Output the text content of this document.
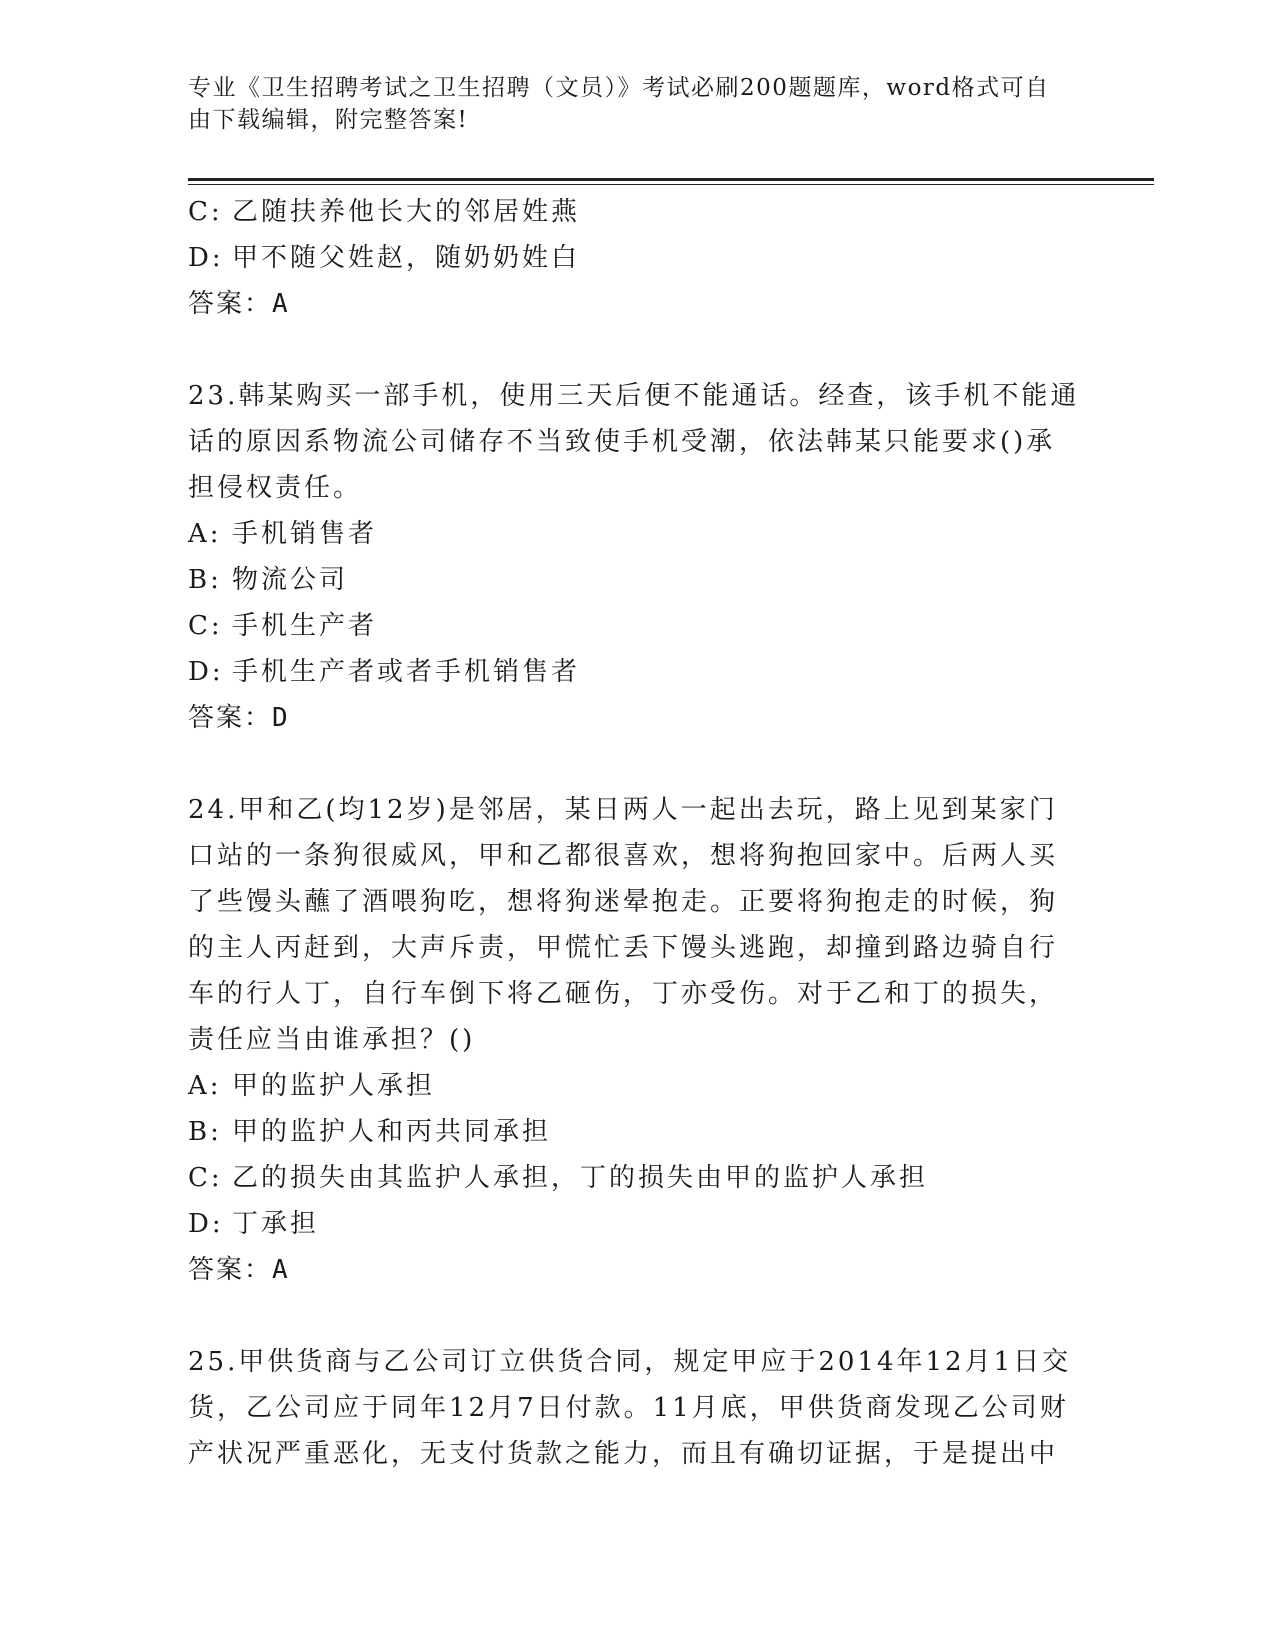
专业《卫生招聘考试之卫生招聘（文员）》考试必刷200题题库，word格式可自
由下载编辑，附完整答案!

C: 乙随扶养他长大的邻居姓燕

D: 甲不随父姓赵，随奶奶姓白

答案：A

23.韩某购买一部手机，使用三天后便不能通话。经查，该手机不能通

话的原因系物流公司储存不当致使手机受潮，依法韩某只能要求()承

担侵权责任。

A: 手机销售者

B: 物流公司

C: 手机生产者

D: 手机生产者或者手机销售者

答案：D

24.甲和乙(均12岁)是邻居，某日两人一起出去玩，路上见到某家门

口站的一条狗很威风，甲和乙都很喜欢，想将狗抱回家中。后两人买

了些馒头蘸了酒喂狗吃，想将狗迷晕抱走。正要将狗抱走的时候，狗

的主人丙赶到，大声斥责，甲慌忙丢下馒头逃跑，却撞到路边骑自行

车的行人丁，自行车倒下将乙砸伤，丁亦受伤。对于乙和丁的损失，

责任应当由谁承担？()

A: 甲的监护人承担

B: 甲的监护人和丙共同承担

C: 乙的损失由其监护人承担，丁的损失由甲的监护人承担

D: 丁承担

答案：A

25.甲供货商与乙公司订立供货合同，规定甲应于2014年12月1日交

货，乙公司应于同年12月7日付款。11月底，甲供货商发现乙公司财

产状况严重恶化，无支付货款之能力，而且有确切证据，于是提出中
